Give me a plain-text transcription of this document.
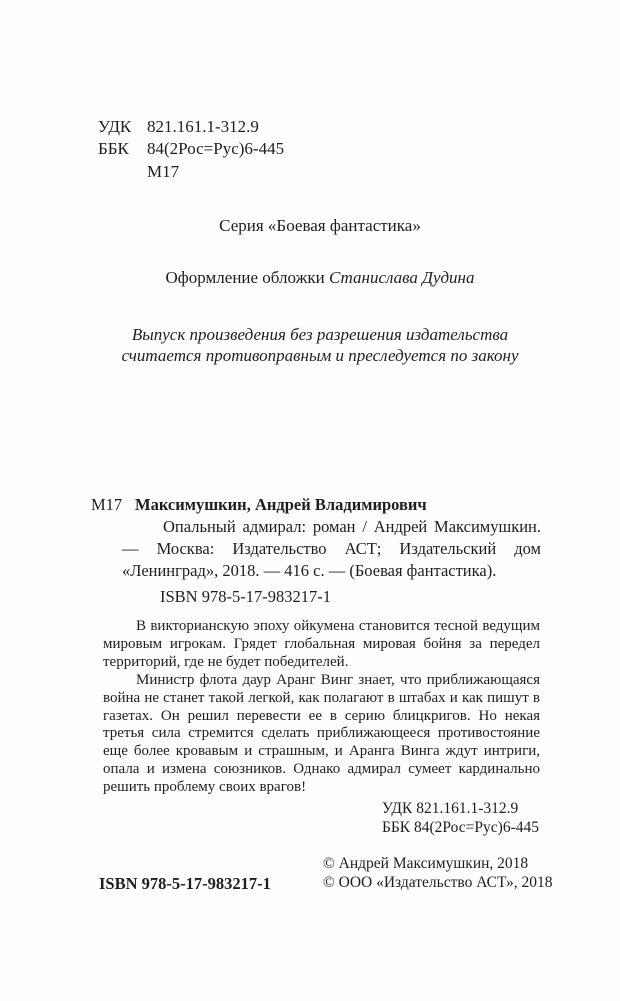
УДК 821.161.1-312.9
ББК	84(2Рос=Рус)6-445
М17
Серия «Боевая фантастика»
Оформление обложки Станислава Дудина
Выпуск произведения без разрешения издательства
считается противоправным и преследуется по закону
М17 Максимушкин, Андрей Владимирович
Опальный адмирал: роман / Андрей Максимушкин. — Москва: Издательство АСТ; Издательский дом «Ленинград», 2018. — 416 с. — (Боевая фантастика).
ISBN 978-5-17-983217-1

В викторианскую эпоху ойкумена становится тесной ведущим мировым игрокам. Грядет глобальная мировая бойня за передел территорий, где не будет победителей.

Министр флота даур Аранг Винг знает, что приближающаяся война не станет такой легкой, как полагают в штабах и как пишут в газетах. Он решил перевести ее в серию блицкригов. Но некая третья сила стремится сделать приближающееся противостояние еще более кровавым и страшным, и Аранга Винга ждут интриги, опала и измена союзников. Однако адмирал сумеет кардинально решить проблему своих врагов!

УДК 821.161.1-312.9
ББК 84(2Рос=Рус)6-445
© Андрей Максимушкин, 2018
© ООО «Издательство АСТ», 2018
ISBN 978-5-17-983217-1
